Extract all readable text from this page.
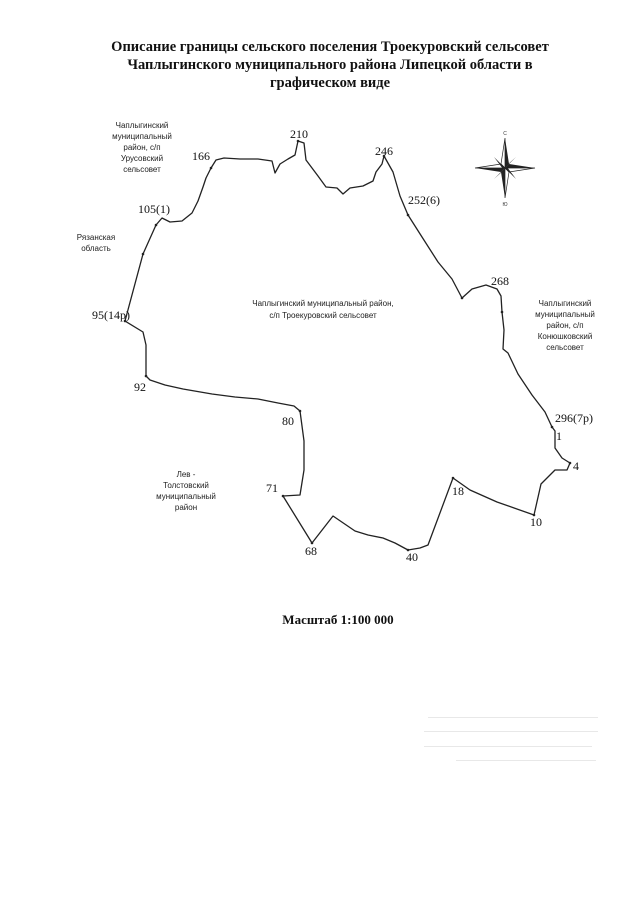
Описание границы сельского поселения Троекуровский сельсовет
Чаплыгинского муниципального района Липецкой области в
графическом виде
166
210
246
252(6)
268
105(1)
95(14р)
92
80
71
68	40
18
10
4
1
296(7р)
Чаплыгинский муниципальный район,
с/п Троекуровский сельсовет
Чаплыгинский
муниципальный
район, с/п
Урусовский
сельсовет
Рязанская
область
Чаплыгинский
муниципальный
район, с/п
Конюшковский
сельсовет
Лев -
Толстовский
муниципальный
район
С
Ю
Масштаб 1:100 000
